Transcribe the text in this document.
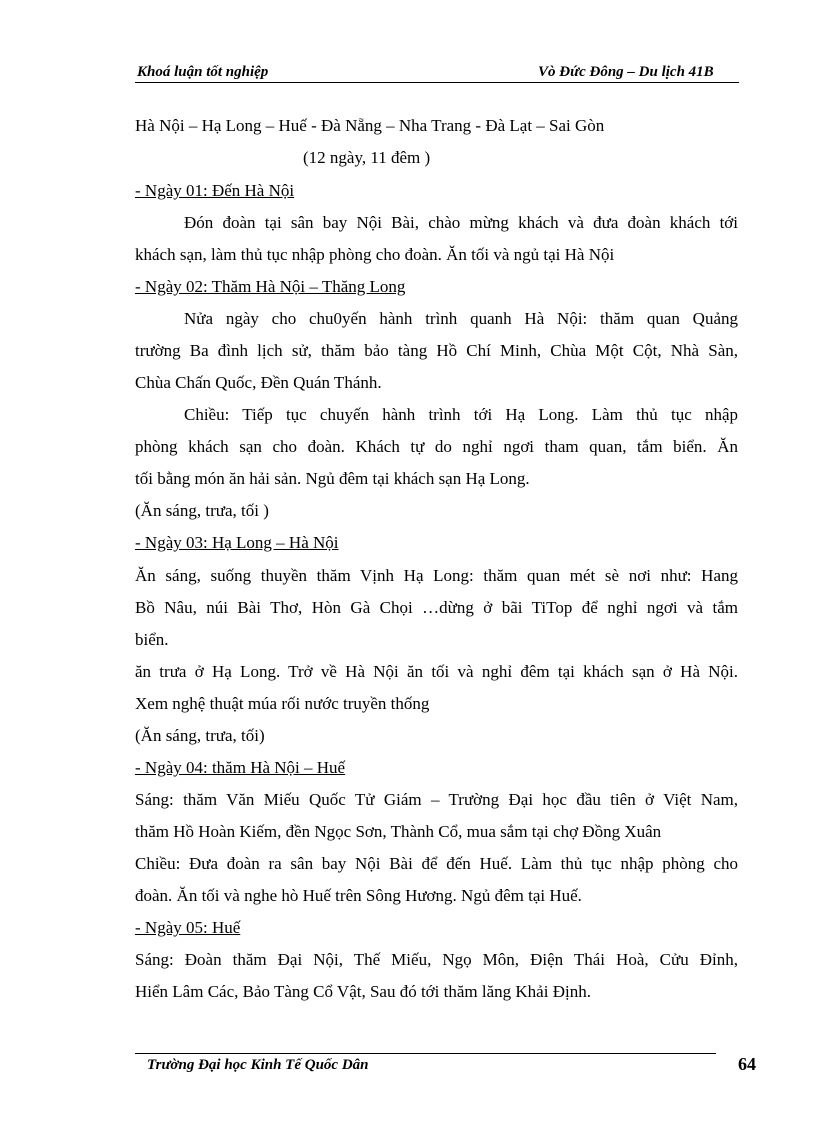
Khoá luận tốt nghiệp	Vò Đức Đông – Du lịch 41B
Hà Nội – Hạ Long – Huế - Đà Nẵng – Nha Trang - Đà Lạt – Sai Gòn
(12 ngày, 11 đêm )
- Ngày 01: Đến Hà Nội
Đón đoàn tại sân bay Nội Bài, chào mừng khách và đưa đoàn khách tới
khách sạn, làm thủ tục nhập phòng cho đoàn. Ăn tối và ngủ tại Hà Nội
- Ngày 02: Thăm Hà Nội – Thăng Long
Nửa ngày cho chu0yến hành trình quanh Hà Nội: thăm quan Quảng
trường Ba đình lịch sử, thăm bảo tàng Hồ Chí Minh, Chùa Một Cột, Nhà Sàn,
Chùa Chấn Quốc, Đền Quán Thánh.
Chiều: Tiếp tục chuyến hành trình tới Hạ Long. Làm thủ tục nhập
phòng khách sạn cho đoàn. Khách tự do nghỉ ngơi tham quan, tắm biển. Ăn
tối bằng món ăn hải sản. Ngủ đêm tại khách sạn Hạ Long.
(Ăn sáng, trưa, tối )
- Ngày 03: Hạ Long – Hà Nội
Ăn sáng, suống thuyền thăm Vịnh Hạ Long: thăm quan mét sè nơi như: Hang
Bồ Nâu, núi Bài Thơ, Hòn Gà Chọi …dừng ở bãi TiTop để nghỉ ngơi và tắm
biển.
ăn trưa ở Hạ Long. Trở về Hà Nội ăn tối và nghỉ đêm tại khách sạn ở Hà Nội.
Xem nghệ thuật múa rối nước truyền thống
(Ăn sáng, trưa, tối)
- Ngày 04: thăm Hà Nội – Huế
Sáng: thăm Văn Miếu Quốc Tử Giám – Trường Đại học đầu tiên ở Việt Nam,
thăm Hồ Hoàn Kiếm, đền Ngọc Sơn, Thành Cổ, mua sắm tại chợ Đồng Xuân
Chiều: Đưa đoàn ra sân bay Nội Bài để đến Huế. Làm thủ tục nhập phòng cho
đoàn. Ăn tối và nghe hò Huế trên Sông Hương. Ngủ đêm tại Huế.
- Ngày 05: Huế
Sáng: Đoàn thăm Đại Nội, Thế Miếu, Ngọ Môn, Điện Thái Hoà, Cửu Đỉnh,
Hiển Lâm Các, Bảo Tàng Cổ Vật, Sau đó tới thăm lăng Khải Định.
Trường Đại học Kinh Tế Quốc Dân	64
